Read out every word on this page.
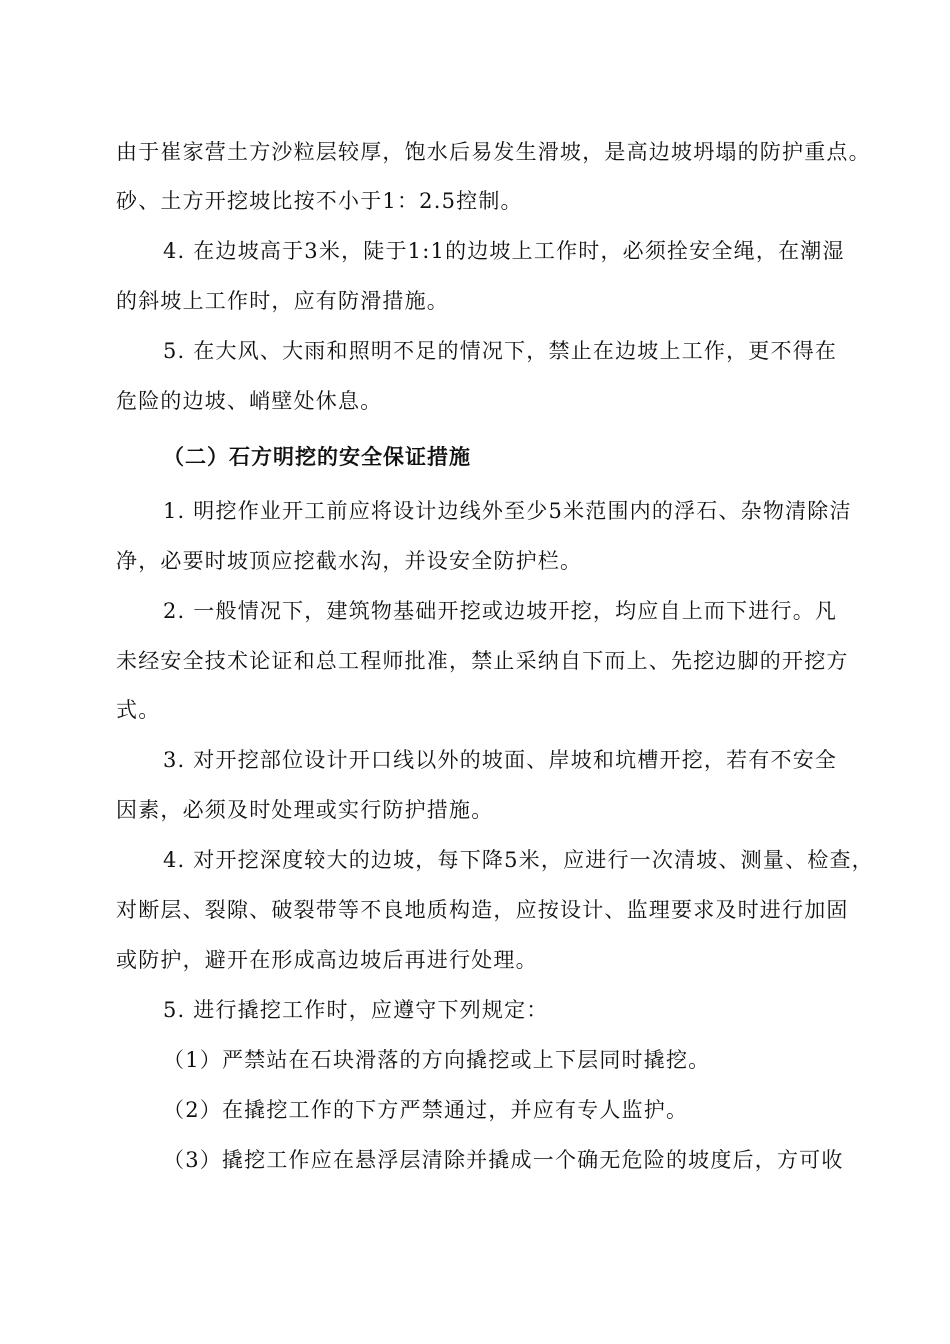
由于崔家营土方沙粒层较厚，饱水后易发生滑坡，是高边坡坍塌的防护重点。
砂、土方开挖坡比按不小于1：2.5控制。
4. 在边坡高于3米，陡于1:1的边坡上工作时，必须拴安全绳，在潮湿
的斜坡上工作时，应有防滑措施。
5. 在大风、大雨和照明不足的情况下，禁止在边坡上工作，更不得在
危险的边坡、峭壁处休息。
（二）石方明挖的安全保证措施
1. 明挖作业开工前应将设计边线外至少5米范围内的浮石、杂物清除洁
净，必要时坡顶应挖截水沟，并设安全防护栏。
2. 一般情况下，建筑物基础开挖或边坡开挖，均应自上而下进行。凡
未经安全技术论证和总工程师批准，禁止采纳自下而上、先挖边脚的开挖方
式。
3. 对开挖部位设计开口线以外的坡面、岸坡和坑槽开挖，若有不安全
因素，必须及时处理或实行防护措施。
4. 对开挖深度较大的边坡，每下降5米，应进行一次清坡、测量、检查，
对断层、裂隙、破裂带等不良地质构造，应按设计、监理要求及时进行加固
或防护，避开在形成高边坡后再进行处理。
5. 进行撬挖工作时，应遵守下列规定：
（1）严禁站在石块滑落的方向撬挖或上下层同时撬挖。
（2）在撬挖工作的下方严禁通过，并应有专人监护。
（3）撬挖工作应在悬浮层清除并撬成一个确无危险的坡度后，方可收
